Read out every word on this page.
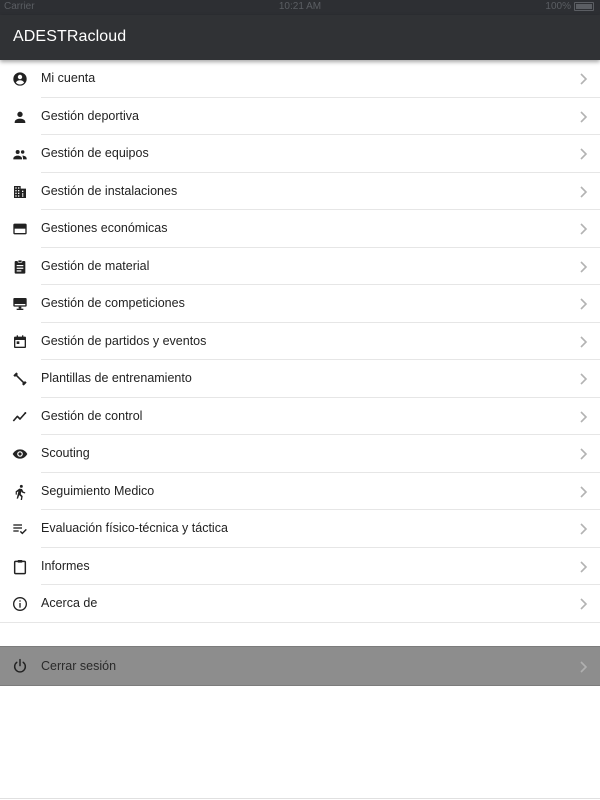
Carrier	10:21 AM	100%
ADESTRacloud
Mi cuenta
Gestión deportiva
Gestión de equipos
Gestión de instalaciones
Gestiones económicas
Gestión de material
Gestión de competiciones
Gestión de partidos y eventos
Plantillas de entrenamiento
Gestión de control
Scouting
Seguimiento Medico
Evaluación físico-técnica y táctica
Informes
Acerca de
Cerrar sesión
